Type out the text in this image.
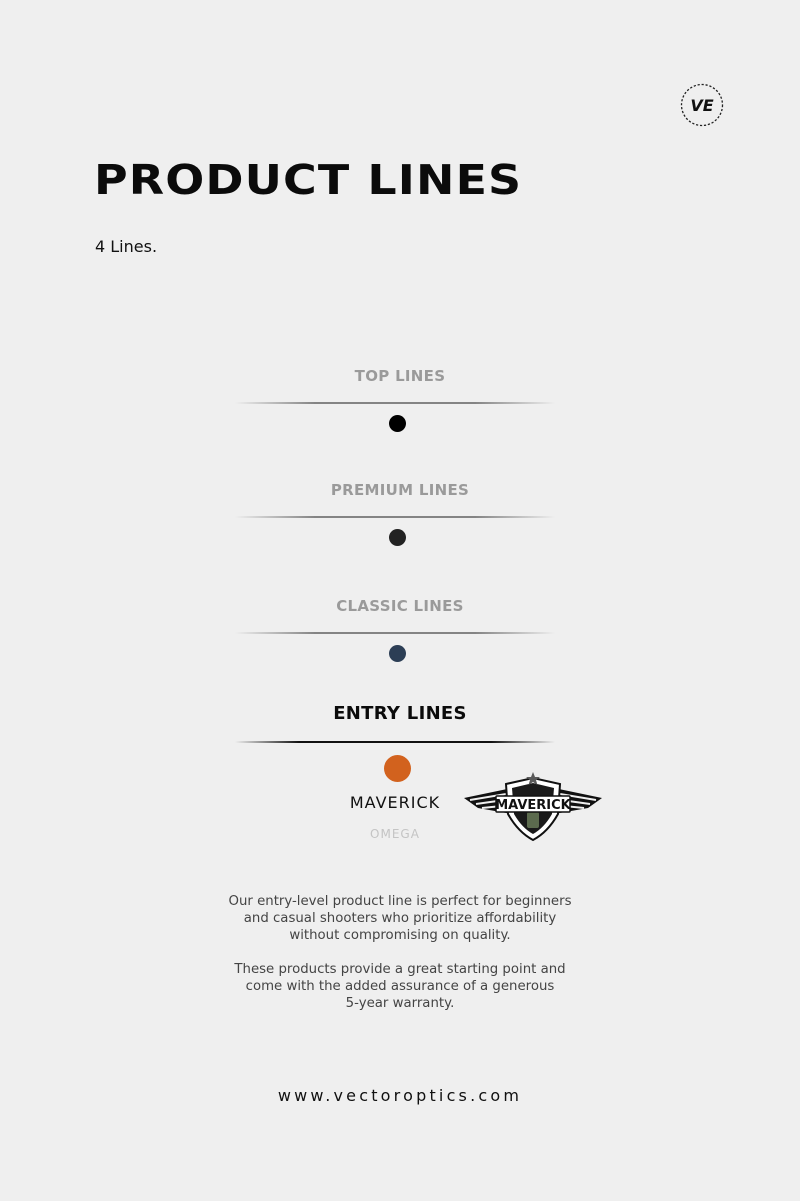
VE
PRODUCT LINES
4 Lines.
TOP LINES
PREMIUM LINES
CLASSIC LINES
ENTRY LINES
MAVERICK
OMEGA
MAVERICK

Our entry-level product line is perfect for beginners

and casual shooters who prioritize affordability

without compromising on quality.

These products provide a great starting point and

come with the added assurance of a generous

5-year warranty.

www.vectoroptics.com
